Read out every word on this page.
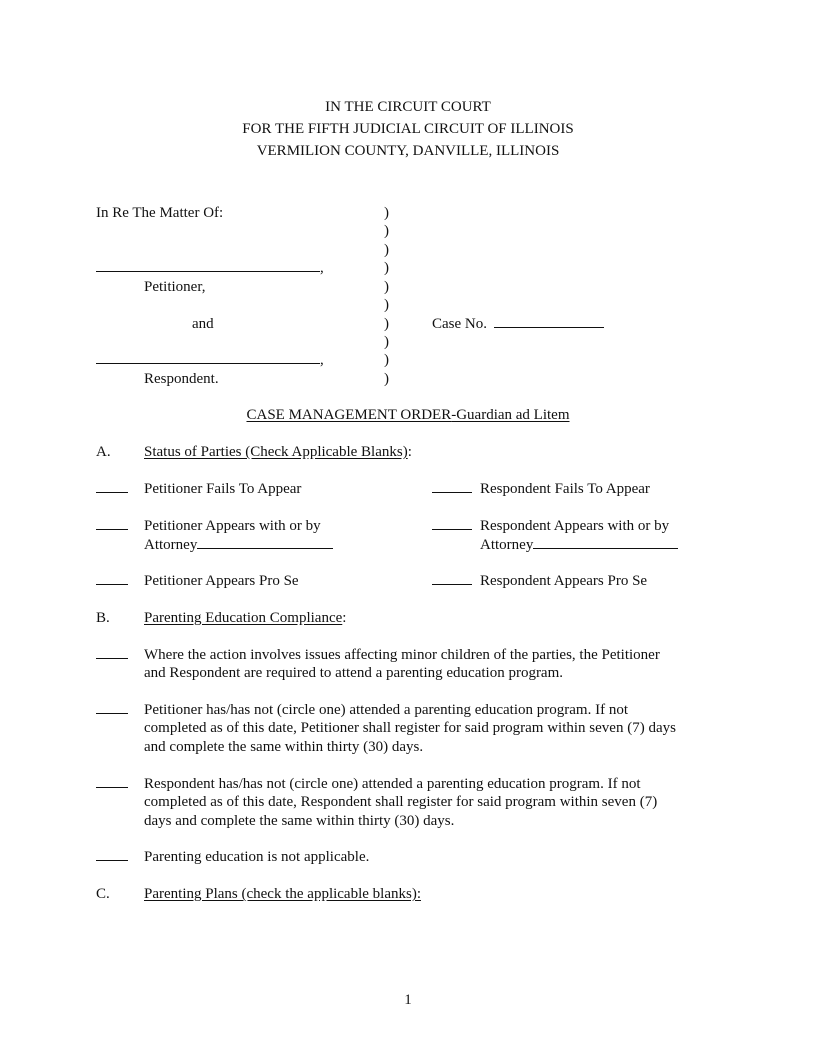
IN THE CIRCUIT COURT
FOR THE FIFTH JUDICIAL CIRCUIT OF ILLINOIS
VERMILION COUNTY, DANVILLE, ILLINOIS
In Re The Matter Of:
,
Petitioner,
and
,
Respondent.
)
)
)
)
)
)
)
)
)
)
Case No.
CASE MANAGEMENT ORDER-Guardian ad Litem
A. Status of Parties (Check Applicable Blanks):
Petitioner Fails To Appear	Respondent Fails To Appear
Petitioner Appears with or by
Attorney
Respondent Appears with or by
Attorney
Petitioner Appears Pro Se	Respondent Appears Pro Se
B. Parenting Education Compliance:
Where the action involves issues affecting minor children of the parties, the Petitioner
and Respondent are required to attend a parenting education program.
Petitioner has/has not (circle one) attended a parenting education program. If not
completed as of this date, Petitioner shall register for said program within seven (7) days
and complete the same within thirty (30) days.
Respondent has/has not (circle one) attended a parenting education program. If not
completed as of this date, Respondent shall register for said program within seven (7)
days and complete the same within thirty (30) days.
Parenting education is not applicable.
C. Parenting Plans (check the applicable blanks):
1
